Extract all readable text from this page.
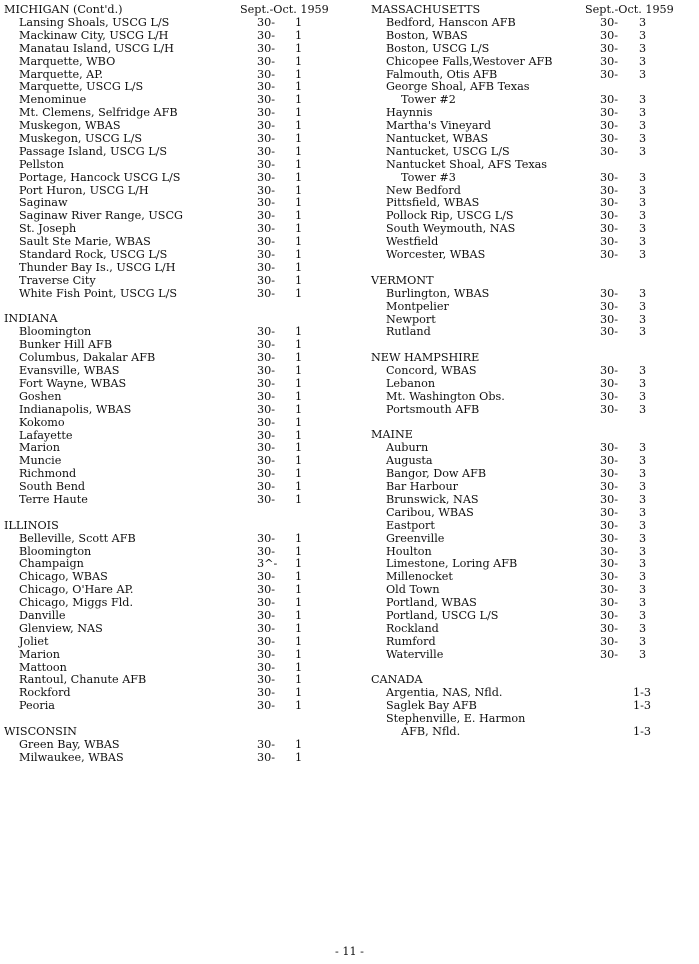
MICHIGAN (Cont'd.)	Sept.-Oct. 1959
Lansing Shoals, USCG L/S	30- 1
Mackinaw City, USCG L/H	30- 1
Manatau Island, USCG L/H	30- 1
Marquette, WBO	30- 1
Marquette, AP.	30- 1
Marquette, USCG L/S	30- 1
Menominue	30- 1
Mt. Clemens, Selfridge AFB	30- 1
Muskegon, WBAS	30- 1
Muskegon, USCG L/S	30- 1
Passage Island, USCG L/S	30- 1
Pellston	30- 1
Portage, Hancock USCG L/S	30- 1
Port Huron, USCG L/H	30- 1
Saginaw	30- 1
Saginaw River Range, USCG	30- 1
St. Joseph	30- 1
Sault Ste Marie, WBAS	30- 1
Standard Rock, USCG L/S	30- 1
Thunder Bay Is., USCG L/H	30- 1
Traverse City	30- 1
White Fish Point, USCG L/S	30- 1
INDIANA
Bloomington	30- 1
Bunker Hill AFB	30- 1
Columbus, Dakalar AFB	30- 1
Evansville, WBAS	30- 1
Fort Wayne, WBAS	30- 1
Goshen	30- 1
Indianapolis, WBAS	30- 1
Kokomo	30- 1
Lafayette	30- 1
Marion	30- 1
Muncie	30- 1
Richmond	30- 1
South Bend	30- 1
Terre Haute	30- 1
ILLINOIS
Belleville, Scott AFB	30- 1
Bloomington	30- 1
Champaign	3^- 1
Chicago, WBAS	30- 1
Chicago, O'Hare AP.	30- 1
Chicago, Miggs Fld.	30- 1
Danville	30- 1
Glenview, NAS	30- 1
Joliet	30- 1
Marion	30- 1
Mattoon	30- 1
Rantoul, Chanute AFB	30- 1
Rockford	30- 1
Peoria	30- 1
WISCONSIN
Green Bay, WBAS	30- 1
Milwaukee, WBAS	30- 1
MASSACHUSETTS	Sept.-Oct. 1959
Bedford, Hanscon AFB	30- 3
Boston, WBAS	30- 3
Boston, USCG L/S	30- 3
Chicopee Falls,Westover AFB	30- 3
Falmouth, Otis AFB	30- 3
George Shoal, AFB Texas
Tower #2	30- 3
Haynnis	30- 3
Martha's Vineyard	30- 3
Nantucket, WBAS	30- 3
Nantucket, USCG L/S	30- 3
Nantucket Shoal, AFS Texas
Tower #3	30- 3
New Bedford	30- 3
Pittsfield, WBAS	30- 3
Pollock Rip, USCG L/S	30- 3
South Weymouth, NAS	30- 3
Westfield	30- 3
Worcester, WBAS	30- 3
VERMONT
Burlington, WBAS	30- 3
Montpelier	30- 3
Newport	30- 3
Rutland	30- 3
NEW HAMPSHIRE
Concord, WBAS	30- 3
Lebanon	30- 3
Mt. Washington Obs.	30- 3
Portsmouth AFB	30- 3
MAINE
Auburn	30- 3
Augusta	30- 3
Bangor, Dow AFB	30- 3
Bar Harbour	30- 3
Brunswick, NAS	30- 3
Caribou, WBAS	30- 3
Eastport	30- 3
Greenville	30- 3
Houlton	30- 3
Limestone, Loring AFB	30- 3
Millenocket	30- 3
Old Town	30- 3
Portland, WBAS	30- 3
Portland, USCG L/S	30- 3
Rockland	30- 3
Rumford	30- 3
Waterville	30- 3
CANADA
Argentia, NAS, Nfld.	1-3
Saglek Bay AFB	1-3
Stephenville, E. Harmon
AFB, Nfld.	1-3
- 11 -
